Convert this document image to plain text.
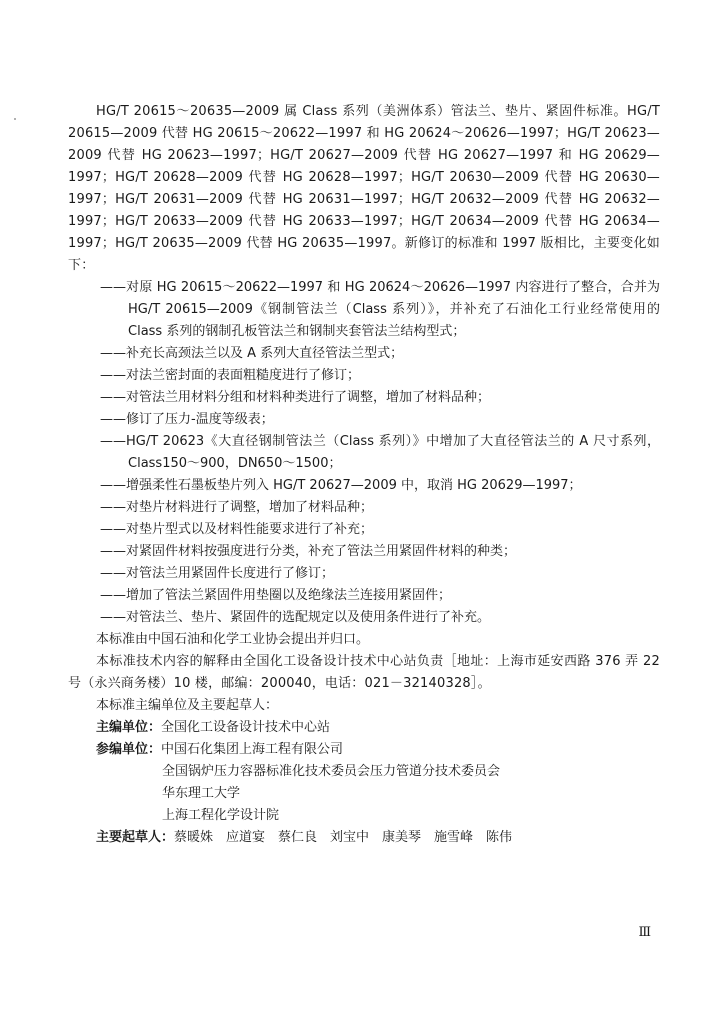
HG/T 20615～20635—2009 属 Class 系列（美洲体系）管法兰、垫片、紧固件标准。HG/T 20615—2009 代替 HG 20615～20622—1997 和 HG 20624～20626—1997；HG/T 20623—2009 代替 HG 20623—1997；HG/T 20627—2009 代替 HG 20627—1997 和 HG 20629—1997；HG/T 20628—2009 代替 HG 20628—1997；HG/T 20630—2009 代替 HG 20630—1997；HG/T 20631—2009 代替 HG 20631—1997；HG/T 20632—2009 代替 HG 20632—1997；HG/T 20633—2009 代替 HG 20633—1997；HG/T 20634—2009 代替 HG 20634—1997；HG/T 20635—2009 代替 HG 20635—1997。新修订的标准和 1997 版相比，主要变化如下：

——对原 HG 20615～20622—1997 和 HG 20624～20626—1997 内容进行了整合，合并为 HG/T 20615—2009《钢制管法兰（Class 系列）》，并补充了石油化工行业经常使用的 Class 系列的钢制孔板管法兰和钢制夹套管法兰结构型式；
——补充长高颈法兰以及 A 系列大直径管法兰型式；
——对法兰密封面的表面粗糙度进行了修订；
——对管法兰用材料分组和材料种类进行了调整，增加了材料品种；
——修订了压力-温度等级表；
——HG/T 20623《大直径钢制管法兰（Class 系列）》中增加了大直径管法兰的 A 尺寸系列，Class150～900，DN650～1500；
——增强柔性石墨板垫片列入 HG/T 20627—2009 中，取消 HG 20629—1997；
——对垫片材料进行了调整，增加了材料品种；
——对垫片型式以及材料性能要求进行了补充；
——对紧固件材料按强度进行分类，补充了管法兰用紧固件材料的种类；
——对管法兰用紧固件长度进行了修订；
——增加了管法兰紧固件用垫圈以及绝缘法兰连接用紧固件；
——对管法兰、垫片、紧固件的选配规定以及使用条件进行了补充。

本标准由中国石油和化学工业协会提出并归口。

本标准技术内容的解释由全国化工设备设计技术中心站负责［地址：上海市延安西路 376 弄 22 号（永兴商务楼）10 楼，邮编：200040，电话：021－32140328］。

本标准主编单位及主要起草人：

主编单位：全国化工设备设计技术中心站

参编单位：中国石化集团上海工程有限公司

全国锅炉压力容器标准化技术委员会压力管道分技术委员会

华东理工大学

上海工程化学设计院

主要起草人：蔡暖姝　应道宴　蔡仁良　刘宝中　康美琴　施雪峰　陈伟

Ⅲ
